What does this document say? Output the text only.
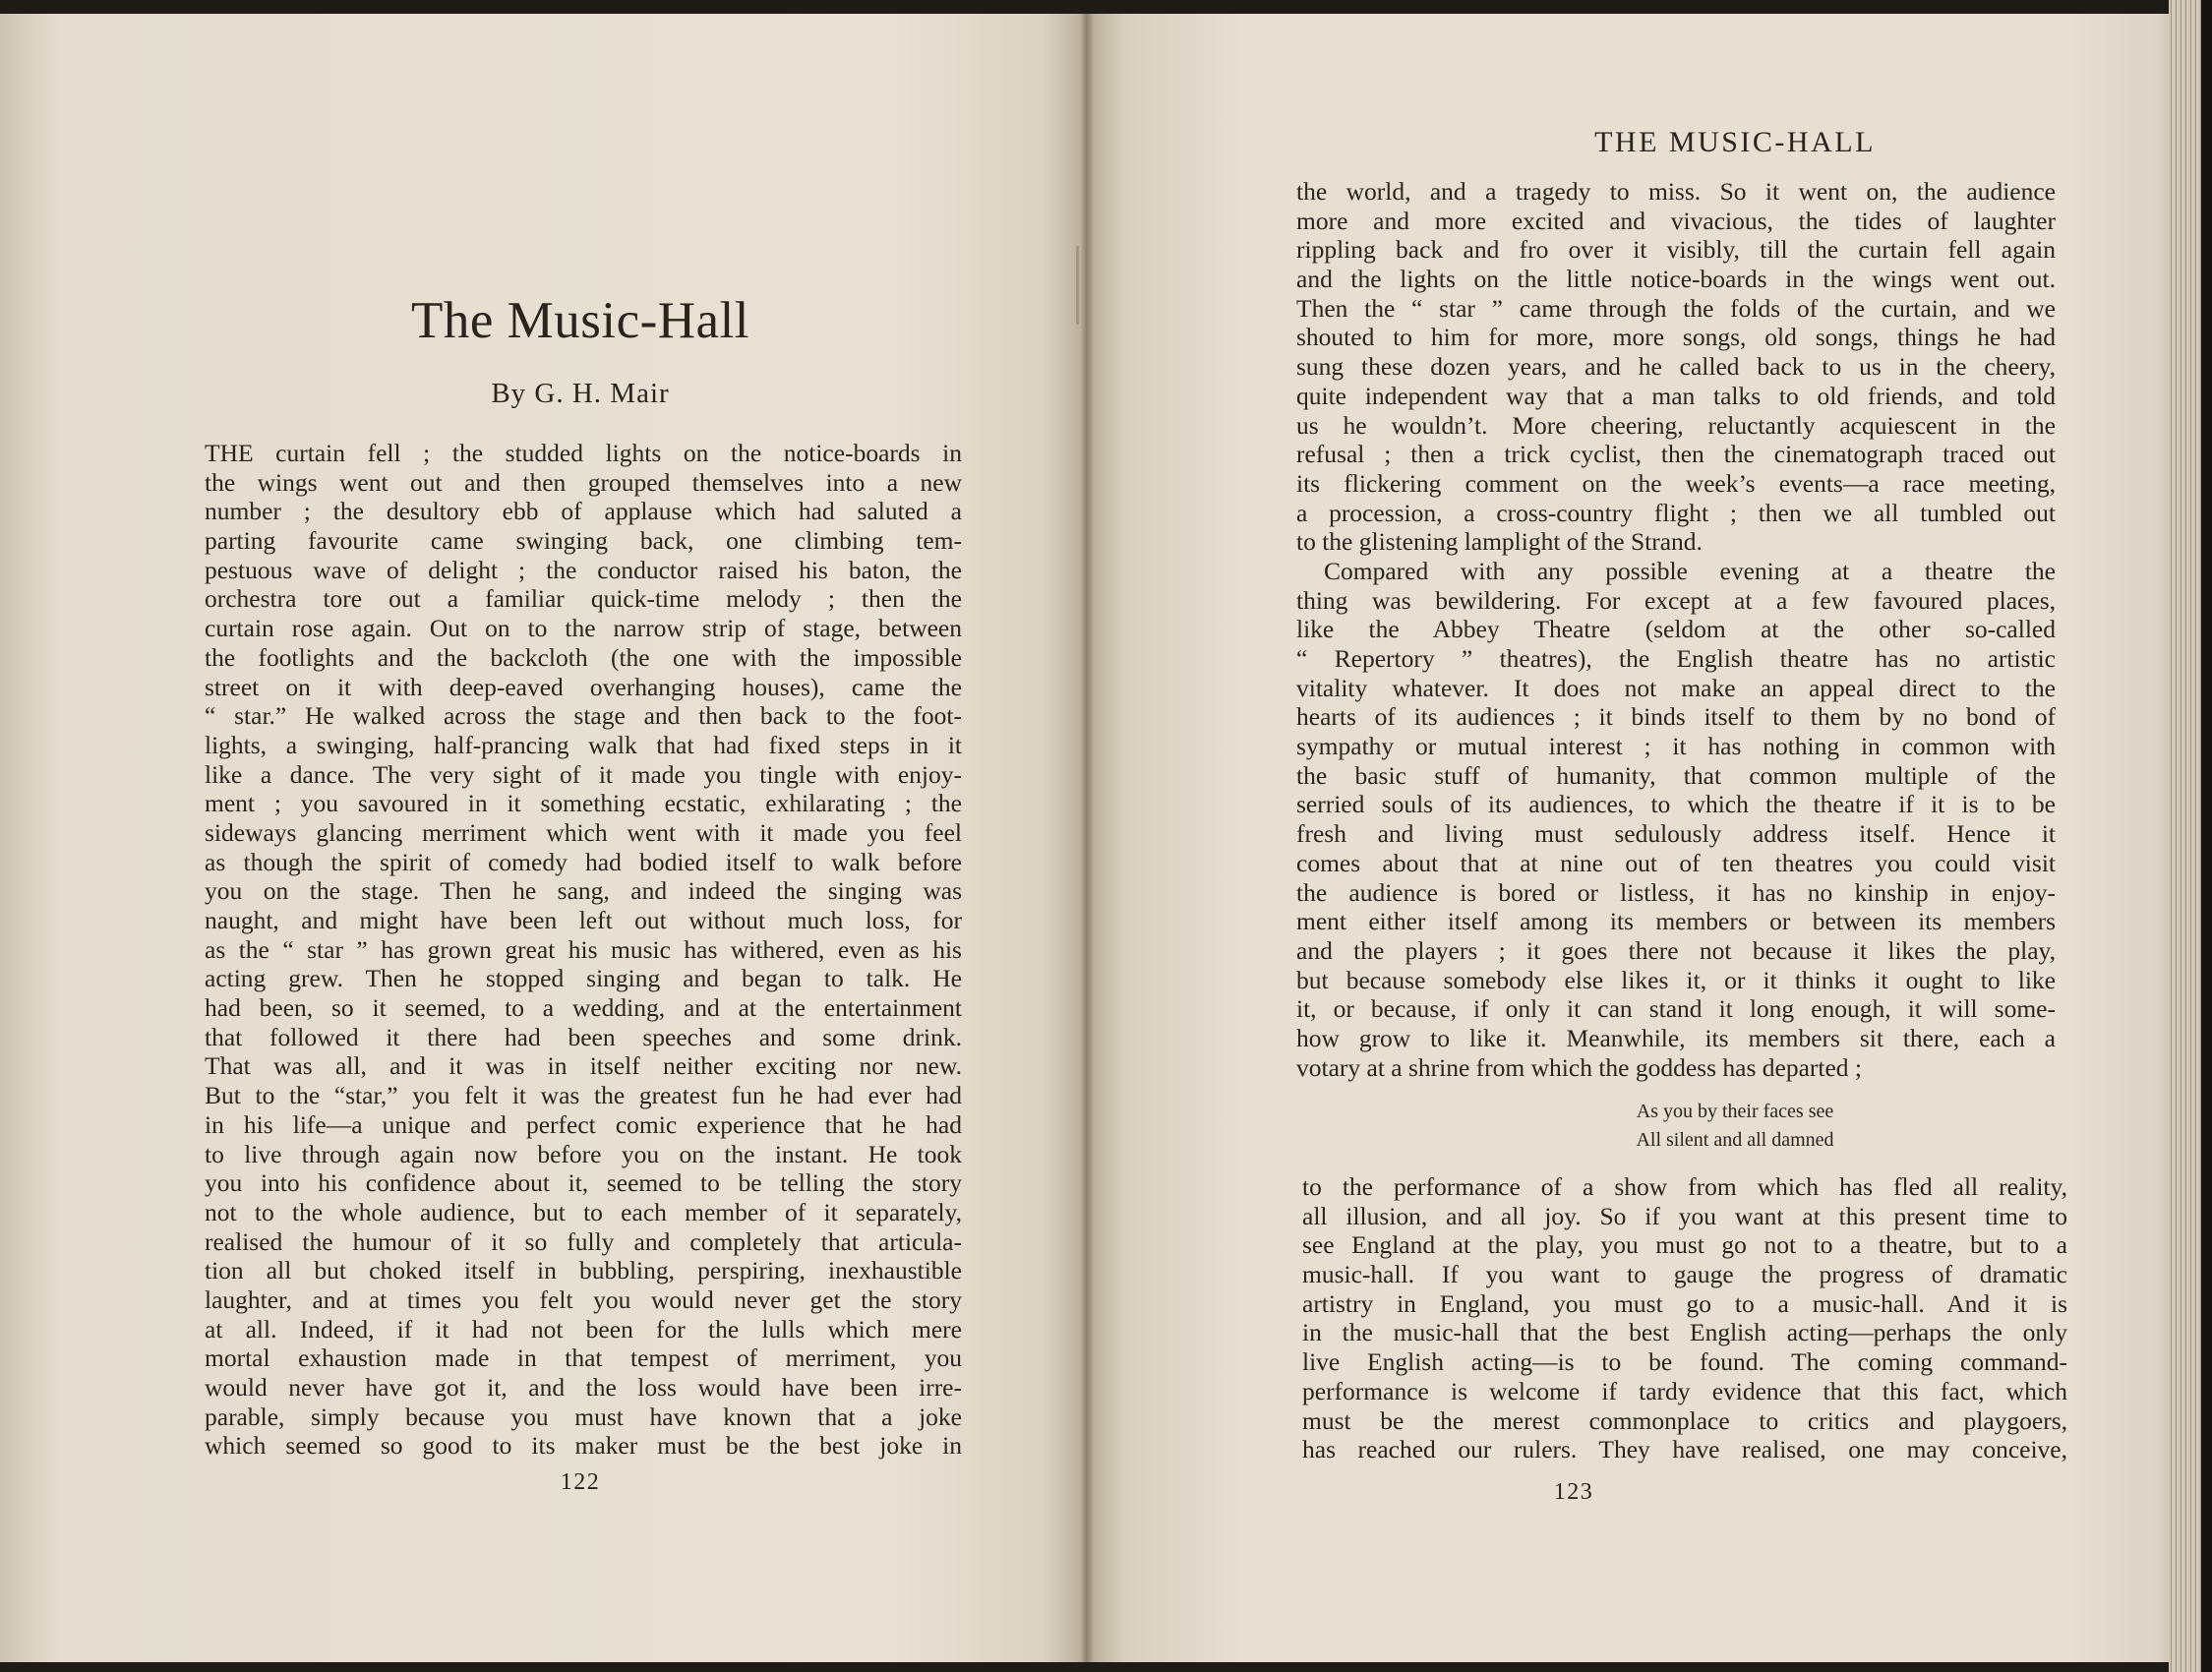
The Music-Hall

By G. H. Mair

THE curtain fell ; the studded lights on the notice-boards in
the wings went out and then grouped themselves into a new
number ; the desultory ebb of applause which had saluted a
parting favourite came swinging back, one climbing tem-
pestuous wave of delight ; the conductor raised his baton, the
orchestra tore out a familiar quick-time melody ; then the
curtain rose again. Out on to the narrow strip of stage, between
the footlights and the backcloth (the one with the impossible
street on it with deep-eaved overhanging houses), came the
“ star.” He walked across the stage and then back to the foot-
lights, a swinging, half-prancing walk that had fixed steps in it
like a dance. The very sight of it made you tingle with enjoy-
ment ; you savoured in it something ecstatic, exhilarating ; the
sideways glancing merriment which went with it made you feel
as though the spirit of comedy had bodied itself to walk before
you on the stage. Then he sang, and indeed the singing was
naught, and might have been left out without much loss, for
as the “ star ” has grown great his music has withered, even as his
acting grew. Then he stopped singing and began to talk. He
had been, so it seemed, to a wedding, and at the entertainment
that followed it there had been speeches and some drink.
That was all, and it was in itself neither exciting nor new.
But to the “star,” you felt it was the greatest fun he had ever had
in his life—a unique and perfect comic experience that he had
to live through again now before you on the instant. He took
you into his confidence about it, seemed to be telling the story
not to the whole audience, but to each member of it separately,
realised the humour of it so fully and completely that articula-
tion all but choked itself in bubbling, perspiring, inexhaustible
laughter, and at times you felt you would never get the story
at all. Indeed, if it had not been for the lulls which mere
mortal exhaustion made in that tempest of merriment, you
would never have got it, and the loss would have been irre-
parable, simply because you must have known that a joke
which seemed so good to its maker must be the best joke in

122

THE MUSIC-HALL

the world, and a tragedy to miss. So it went on, the audience
more and more excited and vivacious, the tides of laughter
rippling back and fro over it visibly, till the curtain fell again
and the lights on the little notice-boards in the wings went out.
Then the “ star ” came through the folds of the curtain, and we
shouted to him for more, more songs, old songs, things he had
sung these dozen years, and he called back to us in the cheery,
quite independent way that a man talks to old friends, and told
us he wouldn’t. More cheering, reluctantly acquiescent in the
refusal ; then a trick cyclist, then the cinematograph traced out
its flickering comment on the week’s events—a race meeting,
a procession, a cross-country flight ; then we all tumbled out
to the glistening lamplight of the Strand.
Compared with any possible evening at a theatre the
thing was bewildering. For except at a few favoured places,
like the Abbey Theatre (seldom at the other so-called
“ Repertory ” theatres), the English theatre has no artistic
vitality whatever. It does not make an appeal direct to the
hearts of its audiences ; it binds itself to them by no bond of
sympathy or mutual interest ; it has nothing in common with
the basic stuff of humanity, that common multiple of the
serried souls of its audiences, to which the theatre if it is to be
fresh and living must sedulously address itself. Hence it
comes about that at nine out of ten theatres you could visit
the audience is bored or listless, it has no kinship in enjoy-
ment either itself among its members or between its members
and the players ; it goes there not because it likes the play,
but because somebody else likes it, or it thinks it ought to like
it, or because, if only it can stand it long enough, it will some-
how grow to like it. Meanwhile, its members sit there, each a
votary at a shrine from which the goddess has departed ;
As you by their faces see
All silent and all damned
to the performance of a show from which has fled all reality,
all illusion, and all joy. So if you want at this present time to
see England at the play, you must go not to a theatre, but to a
music-hall. If you want to gauge the progress of dramatic
artistry in England, you must go to a music-hall. And it is
in the music-hall that the best English acting—perhaps the only
live English acting—is to be found. The coming command-
performance is welcome if tardy evidence that this fact, which
must be the merest commonplace to critics and playgoers,
has reached our rulers. They have realised, one may conceive,

123
